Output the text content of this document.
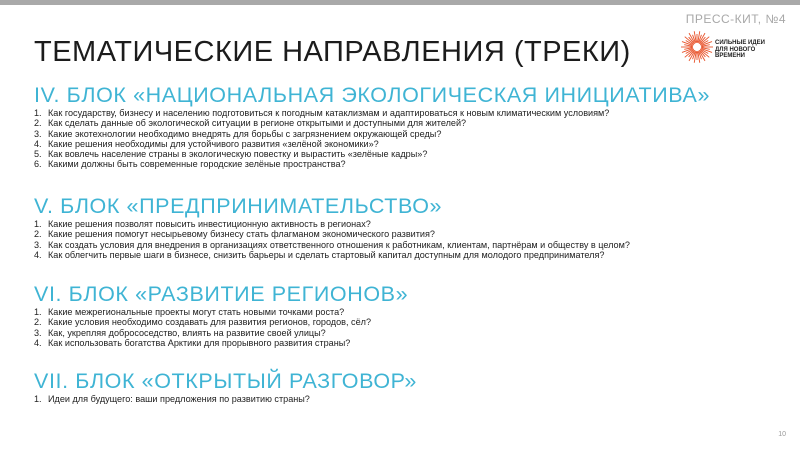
ПРЕСС-КИТ, №4
ТЕМАТИЧЕСКИЕ НАПРАВЛЕНИЯ (ТРЕКИ)	СИЛЬНЫЕ ИДЕИ
ДЛЯ НОВОГО
ВРЕМЕНИ
IV. БЛОК «НАЦИОНАЛЬНАЯ ЭКОЛОГИЧЕСКАЯ ИНИЦИАТИВА»
1. Как государству, бизнесу и населению подготовиться к погодным катаклизмам и адаптироваться к новым климатическим условиям?
2. Как сделать данные об экологической ситуации в регионе открытыми и доступными для жителей?
3. Какие экотехнологии необходимо внедрять для борьбы с загрязнением окружающей среды?
4. Какие решения необходимы для устойчивого развития «зелёной экономики»?
5. Как вовлечь население страны в экологическую повестку и вырастить «зелёные кадры»?
6. Какими должны быть современные городские зелёные пространства?
V. БЛОК «ПРЕДПРИНИМАТЕЛЬСТВО»
1. Какие решения позволят повысить инвестиционную активность в регионах?
2. Какие решения помогут несырьевому бизнесу стать флагманом экономического развития?
3. Как создать условия для внедрения в организациях ответственного отношения к работникам, клиентам, партнёрам и обществу в целом?
4. Как облегчить первые шаги в бизнесе, снизить барьеры и сделать стартовый капитал доступным для молодого предпринимателя?
VI. БЛОК «РАЗВИТИЕ РЕГИОНОВ»
1. Какие межрегиональные проекты могут стать новыми точками роста?
2. Какие условия необходимо создавать для развития регионов, городов, сёл?
3. Как, укрепляя добрососедство, влиять на развитие своей улицы?
4. Как использовать богатства Арктики для прорывного развития страны?
VII. БЛОК «ОТКРЫТЫЙ РАЗГОВОР»
1. Идеи для будущего: ваши предложения по развитию страны?
10
